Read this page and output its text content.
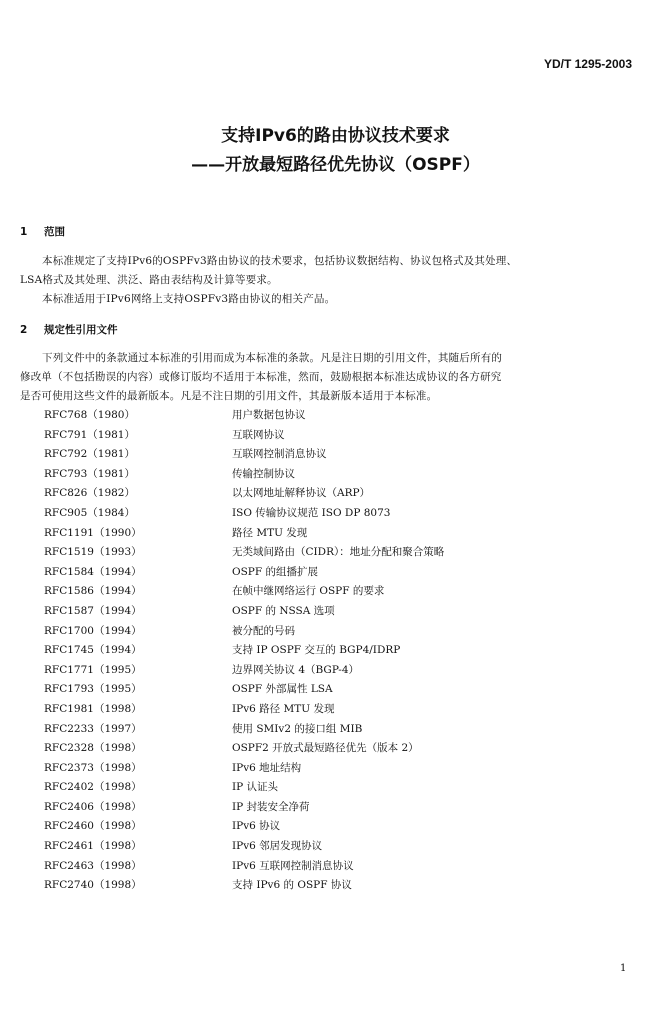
YD/T 1295-2003
支持IPv6的路由协议技术要求
——开放最短路径优先协议（OSPF）
1 范围

本标准规定了支持IPv6的OSPFv3路由协议的技术要求，包括协议数据结构、协议包格式及其处理、
LSA格式及其处理、洪泛、路由表结构及计算等要求。

本标准适用于IPv6网络上支持OSPFv3路由协议的相关产品。

2 规定性引用文件

下列文件中的条款通过本标准的引用而成为本标准的条款。凡是注日期的引用文件，其随后所有的
修改单（不包括勘误的内容）或修订版均不适用于本标准，然而，鼓励根据本标准达成协议的各方研究
是否可使用这些文件的最新版本。凡是不注日期的引用文件，其最新版本适用于本标准。

RFC768（1980）	用户数据包协议
RFC791（1981）	互联网协议
RFC792（1981）	互联网控制消息协议
RFC793（1981）	传输控制协议
RFC826（1982）	以太网地址解释协议（ARP）
RFC905（1984）	ISO 传输协议规范 ISO DP 8073
RFC1191（1990）	路径 MTU 发现
RFC1519（1993）	无类域间路由（CIDR）：地址分配和聚合策略
RFC1584（1994）	OSPF 的组播扩展
RFC1586（1994）	在帧中继网络运行 OSPF 的要求
RFC1587（1994）	OSPF 的 NSSA 选项
RFC1700（1994）	被分配的号码
RFC1745（1994）	支持 IP OSPF 交互的 BGP4/IDRP
RFC1771（1995）	边界网关协议 4（BGP-4）
RFC1793（1995）	OSPF 外部属性 LSA
RFC1981（1998）	IPv6 路径 MTU 发现
RFC2233（1997）	使用 SMIv2 的接口组 MIB
RFC2328（1998）	OSPF2 开放式最短路径优先（版本 2）
RFC2373（1998）	IPv6 地址结构
RFC2402（1998）	IP 认证头
RFC2406（1998）	IP 封装安全净荷
RFC2460（1998）	IPv6 协议
RFC2461（1998）	IPv6 邻居发现协议
RFC2463（1998）	IPv6 互联网控制消息协议
RFC2740（1998）	支持 IPv6 的 OSPF 协议
1
